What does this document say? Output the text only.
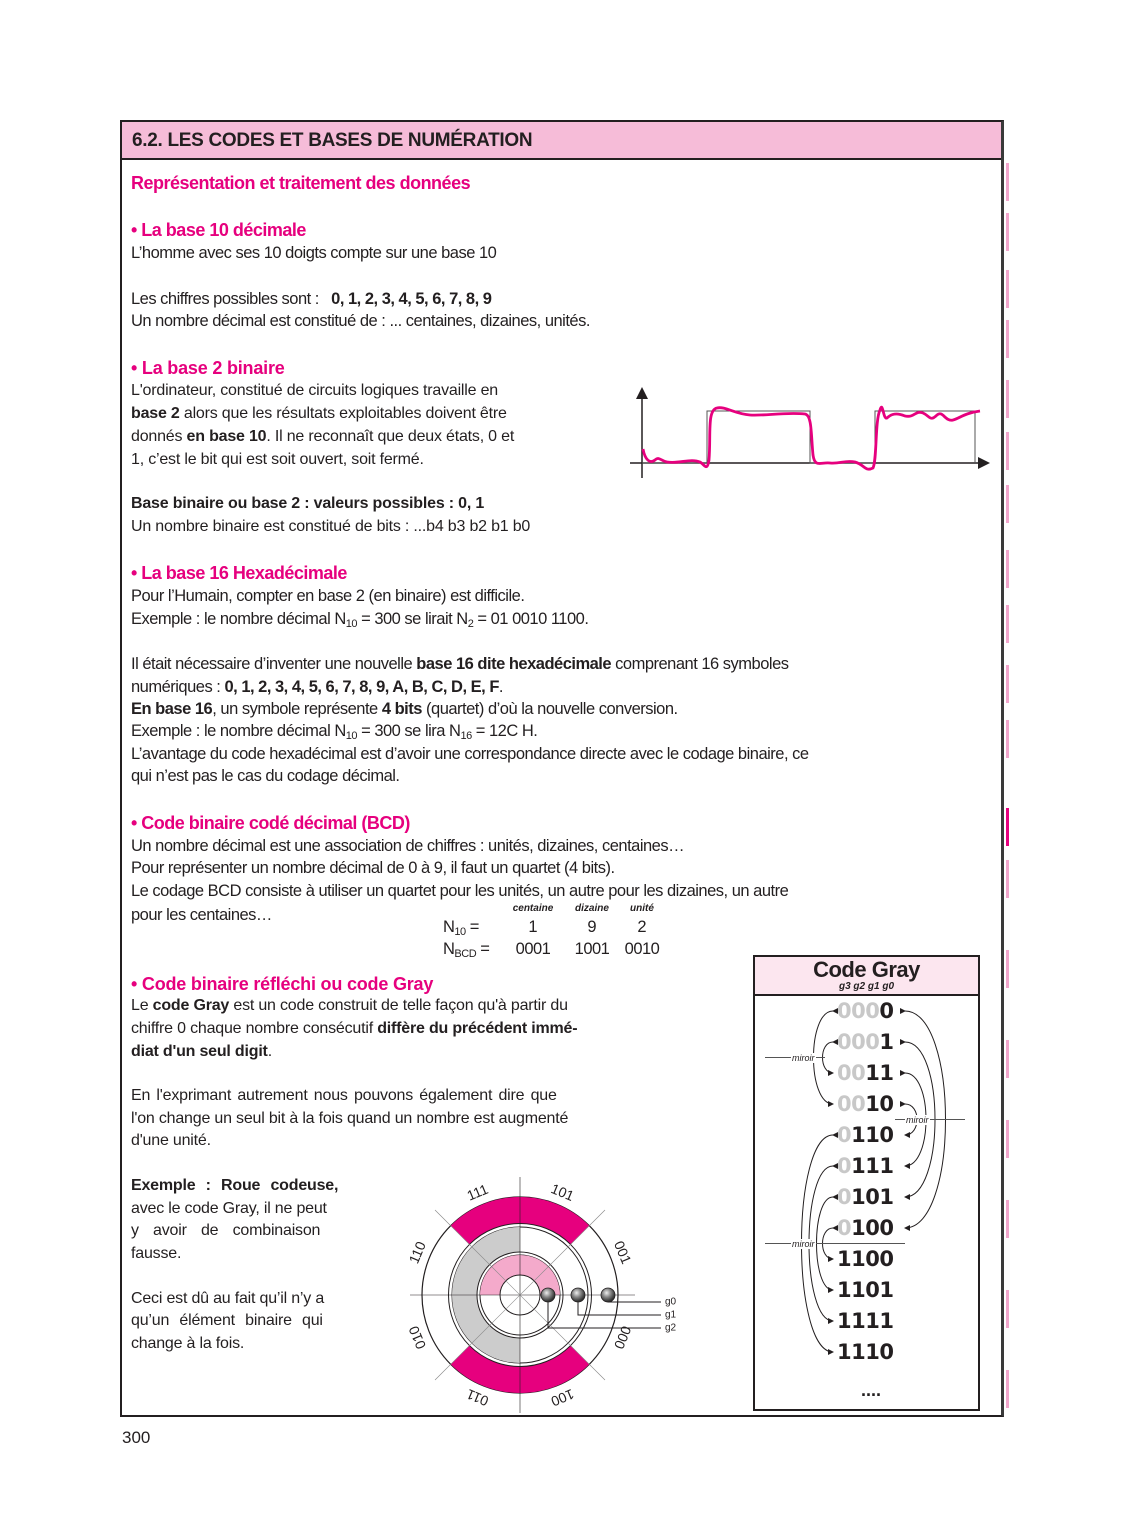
6.2. LES CODES ET BASES DE NUMÉRATION
Représentation et traitement des données
• La base 10 décimale
L’homme avec ses 10 doigts compte sur une base 10
Les chiffres possibles sont : 0, 1, 2, 3, 4, 5, 6, 7, 8, 9
Un nombre décimal est constitué de : ... centaines, dizaines, unités.
• La base 2 binaire
L'ordinateur, constitué de circuits logiques travaille en
base 2 alors que les résultats exploitables doivent être
donnés en base 10. Il ne reconnaît que deux états, 0 et
1, c’est le bit qui est soit ouvert, soit fermé.
Base binaire ou base 2 : valeurs possibles : 0, 1
Un nombre binaire est constitué de bits : ...b4 b3 b2 b1 b0
• La base 16 Hexadécimale
Pour l’Humain, compter en base 2 (en binaire) est difficile.
Exemple : le nombre décimal $N_{10} = 300$ se lirait $N_2 = 01$ 0010 1100.
Il était nécessaire d’inventer une nouvelle base 16 dite hexadécimale comprenant 16 symboles
numériques : 0, 1, 2, 3, 4, 5, 6, 7, 8, 9, A, B, C, D, E, F.
En base 16, un symbole représente 4 bits (quartet) d’où la nouvelle conversion.
Exemple : le nombre décimal $N_{10} = 300$ se lira $N_{16} = 12C$ H.
L’avantage du code hexadécimal est d’avoir une correspondance directe avec le codage binaire, ce
qui n’est pas le cas du codage décimal.
• Code binaire codé décimal (BCD)
Un nombre décimal est une association de chiffres : unités, dizaines, centaines…
Pour représenter un nombre décimal de 0 à 9, il faut un quartet (4 bits).
Le codage BCD consiste à utiliser un quartet pour les unités, un autre pour les dizaines, un autre
pour les centaines…	centaine	dizaine	unité
$N_{10}$ =	1	9	2
$N_{BCD}$ =	0001	1001 0010
• Code binaire réfléchi ou code Gray
Le code Gray est un code construit de telle façon qu'à partir du
chiffre 0 chaque nombre consécutif diffère du précédent immé-
diat d'un seul digit.
En l'exprimant autrement nous pouvons également dire que
l'on change un seul bit à la fois quand un nombre est augmenté
d'une unité.
Exemple : Roue codeuse,
avec le code Gray, il ne peut
y avoir de combinaison
fausse.
Ceci est dû au fait qu’il n’y a
qu’un élément binaire qui
change à la fois.
111	101
001
000
100
011
010
110
g0
g1
g2
Code Gray
g3 g2 g1 g0
0000
0001
0011
0010
0110
0111
0101
0100
1100
1101
1111
1110
miroir
miroir
miroir
....
300
